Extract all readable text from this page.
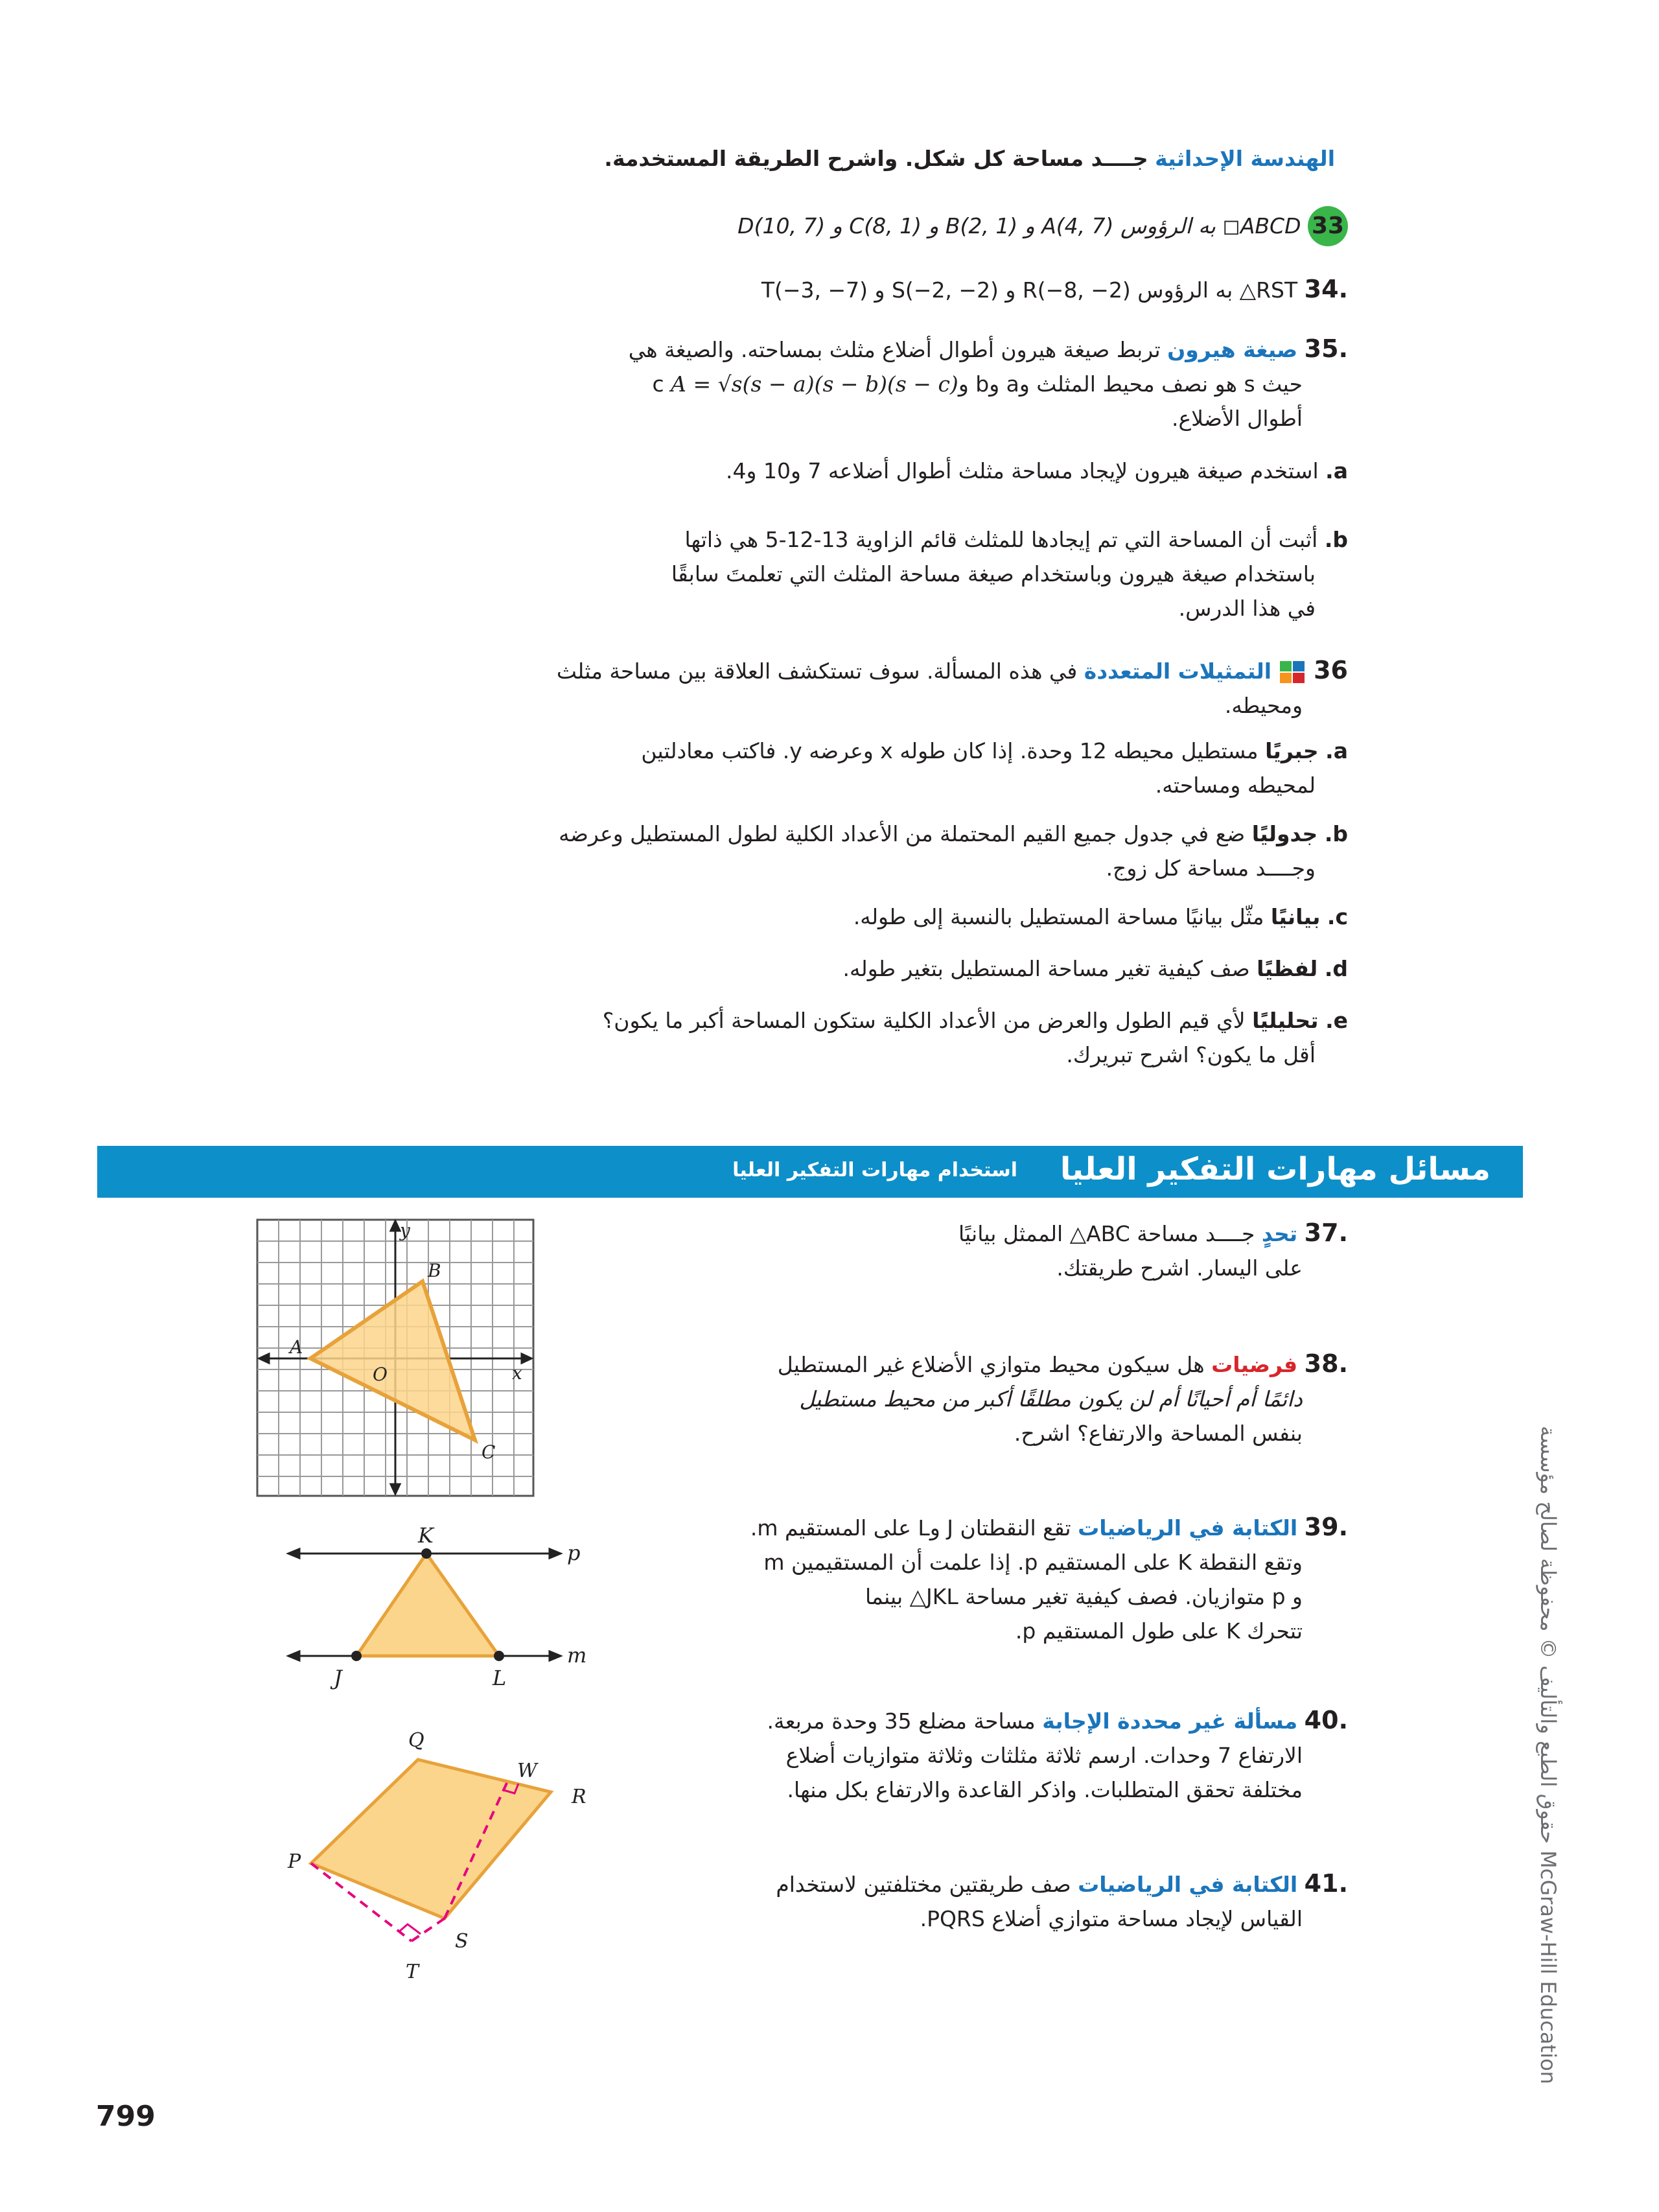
الهندسة الإحداثية جــــد مساحة كل شكل. واشرح الطريقة المستخدمة.
33 ABCD◻ به الرؤوس A(4, 7) و B(2, 1) و C(8, 1) و D(10, 7)
.34 RST△ به الرؤوس R(−8, −2) و S(−2, −2) و T(−3, −7)
.35 صيغة هيرون تربط صيغة هيرون أطوال أضلاع مثلث بمساحته. والصيغة هي
حيث s هو نصف محيط المثلث وa وb وc A = √s(s − a)(s − b)(s − c)
أطوال الأضلاع.
a. استخدم صيغة هيرون لإيجاد مساحة مثلث أطوال أضلاعه 7 و10 و4.
b. أثبت أن المساحة التي تم إيجادها للمثلث قائم الزاوية 13-12-5 هي ذاتها
باستخدام صيغة هيرون وباستخدام صيغة مساحة المثلث التي تعلمتَ سابقًا
في هذا الدرس.
36  التمثيلات المتعددة في هذه المسألة. سوف تستكشف العلاقة بين مساحة مثلث
ومحيطه.
a. جبريًا مستطيل محيطه 12 وحدة. إذا كان طوله x وعرضه y. فاكتب معادلتين
لمحيطه ومساحته.
b. جدوليًا ضع في جدول جميع القيم المحتملة من الأعداد الكلية لطول المستطيل وعرضه
وجــــد مساحة كل زوج.
c. بيانيًا مثّل بيانيًا مساحة المستطيل بالنسبة إلى طوله.
d. لفظيًا صف كيفية تغير مساحة المستطيل بتغير طوله.
e. تحليليًا لأي قيم الطول والعرض من الأعداد الكلية ستكون المساحة أكبر ما يكون؟
أقل ما يكون؟ اشرح تبريرك.
مسائل مهارات التفكير العليا
استخدام مهارات التفكير العليا
.37 تحدٍ جــــد مساحة ABC△ الممثل بيانيًا
على اليسار. اشرح طريقتك.
.38 فرضيات هل سيكون محيط متوازي الأضلاع غير المستطيل
دائمًا أم أحيانًا أم لن يكون مطلقًا أكبر من محيط مستطيل
بنفس المساحة والارتفاع؟ اشرح.
.39 الكتابة في الرياضيات تقع النقطتان J وL على المستقيم m.
وتقع النقطة K على المستقيم p. إذا علمت أن المستقيمين m
و p متوازيان. فصف كيفية تغير مساحة JKL△ بينما
تتحرك K على طول المستقيم p.
.40 مسألة غير محددة الإجابة مساحة مضلع 35 وحدة مربعة.
الارتفاع 7 وحدات. ارسم ثلاثة مثلثات وثلاثة متوازيات أضلاع
مختلفة تحقق المتطلبات. واذكر القاعدة والارتفاع بكل منها.
.41 الكتابة في الرياضيات صف طريقتين مختلفتين لاستخدام
القياس لإيجاد مساحة متوازي أضلاع PQRS.
y
x
O
A
B
C
K
p
J	L
m
Q
W
R
P
S
T
حقوق الطبع والتأليف © محفوظة لصالح مؤسسة McGraw-Hill Education
799
